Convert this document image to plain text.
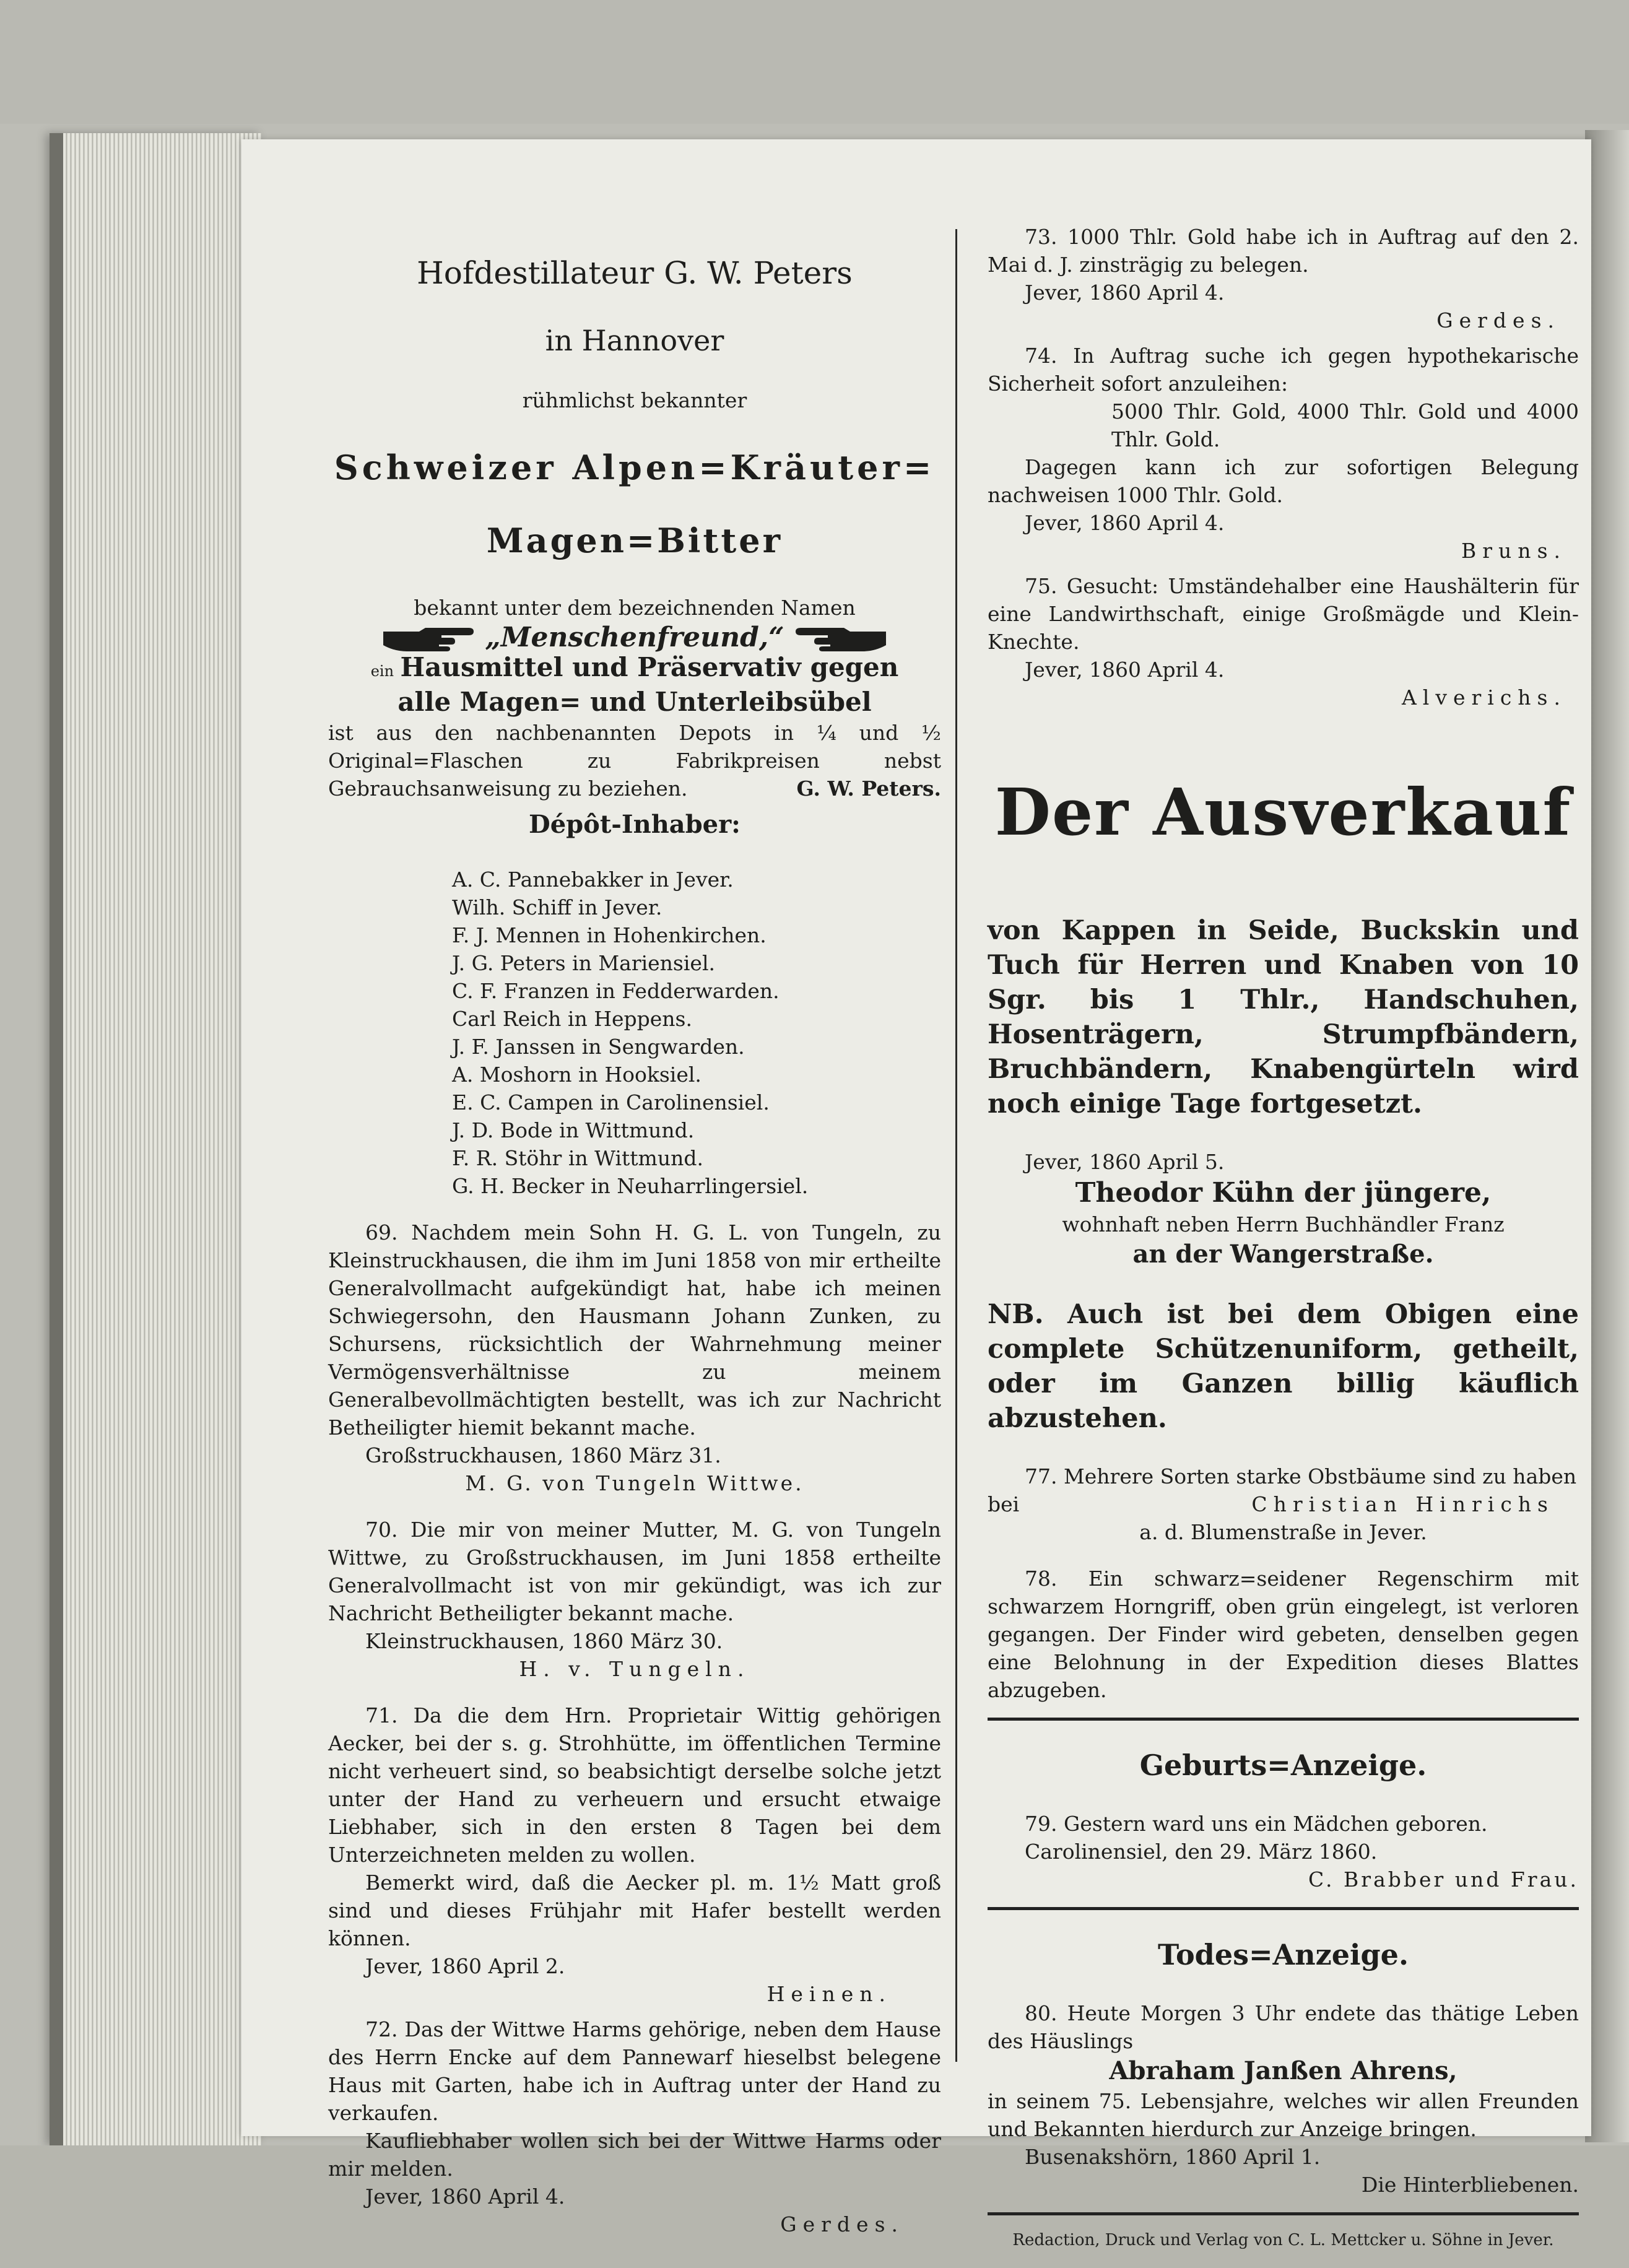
Hofdestillateur G. W. Peters

in Hannover

rühmlichst bekannter

Schweizer Alpen=Kräuter=

Magen=Bitter

bekannt unter dem bezeichnenden Namen

„Menschenfreund,“

ein Hausmittel und Präservativ gegen

alle Magen= und Unterleibsübel

ist aus den nachbenannten Depots in ¼ und ½ Original=Flaschen zu Fabrikpreisen nebst Gebrauchsanweisung zu beziehen.	G. W. Peters.

Dépôt-Inhaber:

A. C. Pannebakker in Jever.

Wilh. Schiff in Jever.

F. J. Mennen in Hohenkirchen.

J. G. Peters in Mariensiel.

C. F. Franzen in Fedderwarden.

Carl Reich in Heppens.

J. F. Janssen in Sengwarden.

A. Moshorn in Hooksiel.

E. C. Campen in Carolinensiel.

J. D. Bode in Wittmund.

F. R. Stöhr in Wittmund.

G. H. Becker in Neuharrlingersiel.

69. Nachdem mein Sohn H. G. L. von Tungeln, zu Kleinstruckhausen, die ihm im Juni 1858 von mir ertheilte Generalvollmacht aufgekündigt hat, habe ich meinen Schwiegersohn, den Hausmann Johann Zunken, zu Schursens, rücksichtlich der Wahrnehmung meiner Vermögensverhältnisse zu meinem Generalbevollmächtigten bestellt, was ich zur Nachricht Betheiligter hiemit bekannt mache.

Großstruckhausen, 1860 März 31.

M. G. von Tungeln Wittwe.

70. Die mir von meiner Mutter, M. G. von Tungeln Wittwe, zu Großstruckhausen, im Juni 1858 ertheilte Generalvollmacht ist von mir gekündigt, was ich zur Nachricht Betheiligter bekannt mache.

Kleinstruckhausen, 1860 März 30.

H. v. Tungeln.

71. Da die dem Hrn. Proprietair Wittig gehörigen Aecker, bei der s. g. Strohhütte, im öffentlichen Termine nicht verheuert sind, so beabsichtigt derselbe solche jetzt unter der Hand zu verheuern und ersucht etwaige Liebhaber, sich in den ersten 8 Tagen bei dem Unterzeichneten melden zu wollen.

Bemerkt wird, daß die Aecker pl. m. 1½ Matt groß sind und dieses Frühjahr mit Hafer bestellt werden können.

Jever, 1860 April 2.

Heinen.

72. Das der Wittwe Harms gehörige, neben dem Hause des Herrn Encke auf dem Pannewarf hieselbst belegene Haus mit Garten, habe ich in Auftrag unter der Hand zu verkaufen.

Kaufliebhaber wollen sich bei der Wittwe Harms oder mir melden.

Jever, 1860 April 4.

Gerdes.

73. 1000 Thlr. Gold habe ich in Auftrag auf den 2. Mai d. J. zinsträgig zu belegen.

Jever, 1860 April 4.

Gerdes.

74. In Auftrag suche ich gegen hypothekarische Sicherheit sofort anzuleihen:

5000 Thlr. Gold, 4000 Thlr. Gold und 4000 Thlr. Gold.

Dagegen kann ich zur sofortigen Belegung nachweisen 1000 Thlr. Gold.

Jever, 1860 April 4.

Bruns.

75. Gesucht: Umständehalber eine Haushälterin für eine Landwirthschaft, einige Großmägde und Klein-Knechte.

Jever, 1860 April 4.

Alverichs.

Der Ausverkauf

von Kappen in Seide, Buckskin und Tuch für Herren und Knaben von 10 Sgr. bis 1 Thlr., Handschuhen, Hosenträgern, Strumpfbändern, Bruchbändern, Knabengürteln wird noch einige Tage fortgesetzt.

Jever, 1860 April 5.

Theodor Kühn der jüngere,

wohnhaft neben Herrn Buchhändler Franz

an der Wangerstraße.

NB. Auch ist bei dem Obigen eine complete Schützenuniform, getheilt, oder im Ganzen billig käuflich abzustehen.

77. Mehrere Sorten starke Obstbäume sind zu haben

bei	Christian Hinrichs

a. d. Blumenstraße in Jever.

78. Ein schwarz=seidener Regenschirm mit schwarzem Horngriff, oben grün eingelegt, ist verloren gegangen. Der Finder wird gebeten, denselben gegen eine Belohnung in der Expedition dieses Blattes abzugeben.

Geburts=Anzeige.

79. Gestern ward uns ein Mädchen geboren.

Carolinensiel, den 29. März 1860.

C. Brabber und Frau.

Todes=Anzeige.

80. Heute Morgen 3 Uhr endete das thätige Leben des Häuslings

Abraham Janßen Ahrens,

in seinem 75. Lebensjahre, welches wir allen Freunden und Bekannten hierdurch zur Anzeige bringen.

Busenakshörn, 1860 April 1.

Die Hinterbliebenen.

Redaction, Druck und Verlag von C. L. Mettcker u. Söhne in Jever.
